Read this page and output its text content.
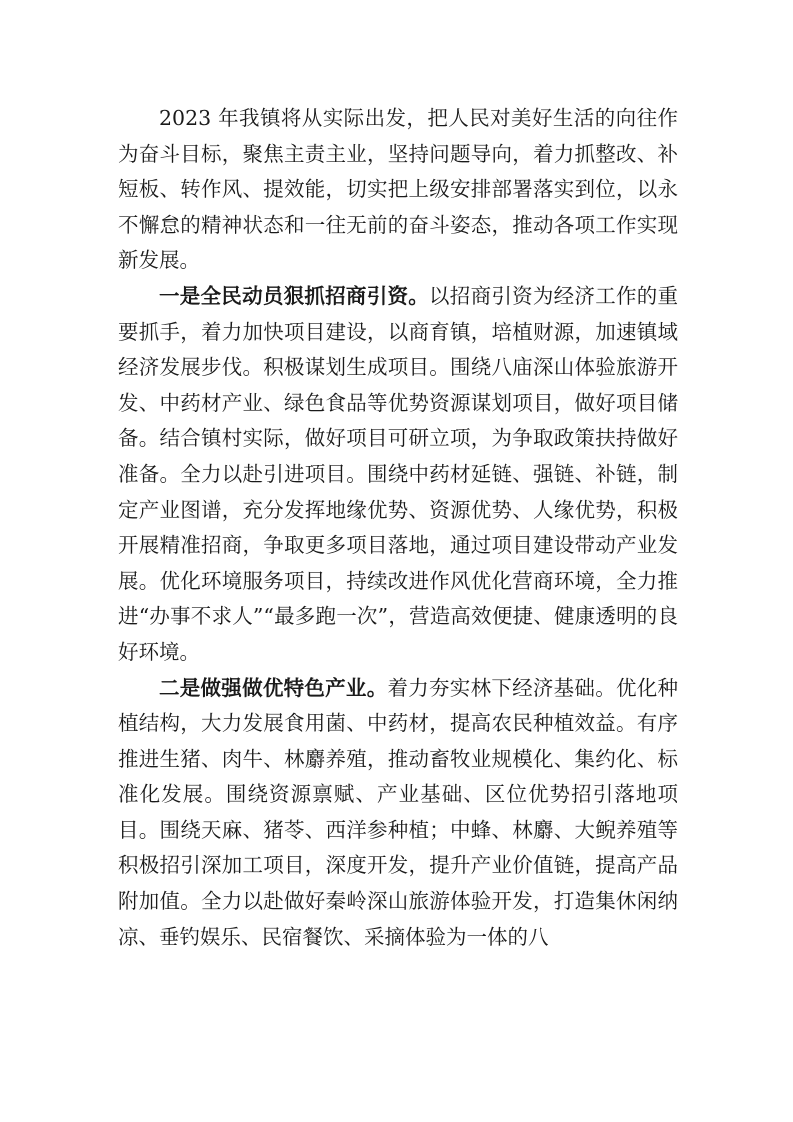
2023 年我镇将从实际出发，把人民对美好生活的向往作为奋斗目标，聚焦主责主业，坚持问题导向，着力抓整改、补短板、转作风、提效能，切实把上级安排部署落实到位，以永不懈怠的精神状态和一往无前的奋斗姿态，推动各项工作实现新发展。

一是全民动员狠抓招商引资。以招商引资为经济工作的重要抓手，着力加快项目建设，以商育镇，培植财源，加速镇域经济发展步伐。积极谋划生成项目。围绕八庙深山体验旅游开发、中药材产业、绿色食品等优势资源谋划项目，做好项目储备。结合镇村实际，做好项目可研立项，为争取政策扶持做好准备。全力以赴引进项目。围绕中药材延链、强链、补链，制定产业图谱，充分发挥地缘优势、资源优势、人缘优势，积极开展精准招商，争取更多项目落地，通过项目建设带动产业发展。优化环境服务项目，持续改进作风优化营商环境，全力推进“办事不求人”“最多跑一次”，营造高效便捷、健康透明的良好环境。

二是做强做优特色产业。着力夯实林下经济基础。优化种植结构，大力发展食用菌、中药材，提高农民种植效益。有序推进生猪、肉牛、林麝养殖，推动畜牧业规模化、集约化、标准化发展。围绕资源禀赋、产业基础、区位优势招引落地项目。围绕天麻、猪苓、西洋参种植；中蜂、林麝、大鲵养殖等积极招引深加工项目，深度开发，提升产业价值链，提高产品附加值。全力以赴做好秦岭深山旅游体验开发，打造集休闲纳凉、垂钓娱乐、民宿餐饮、采摘体验为一体的八
